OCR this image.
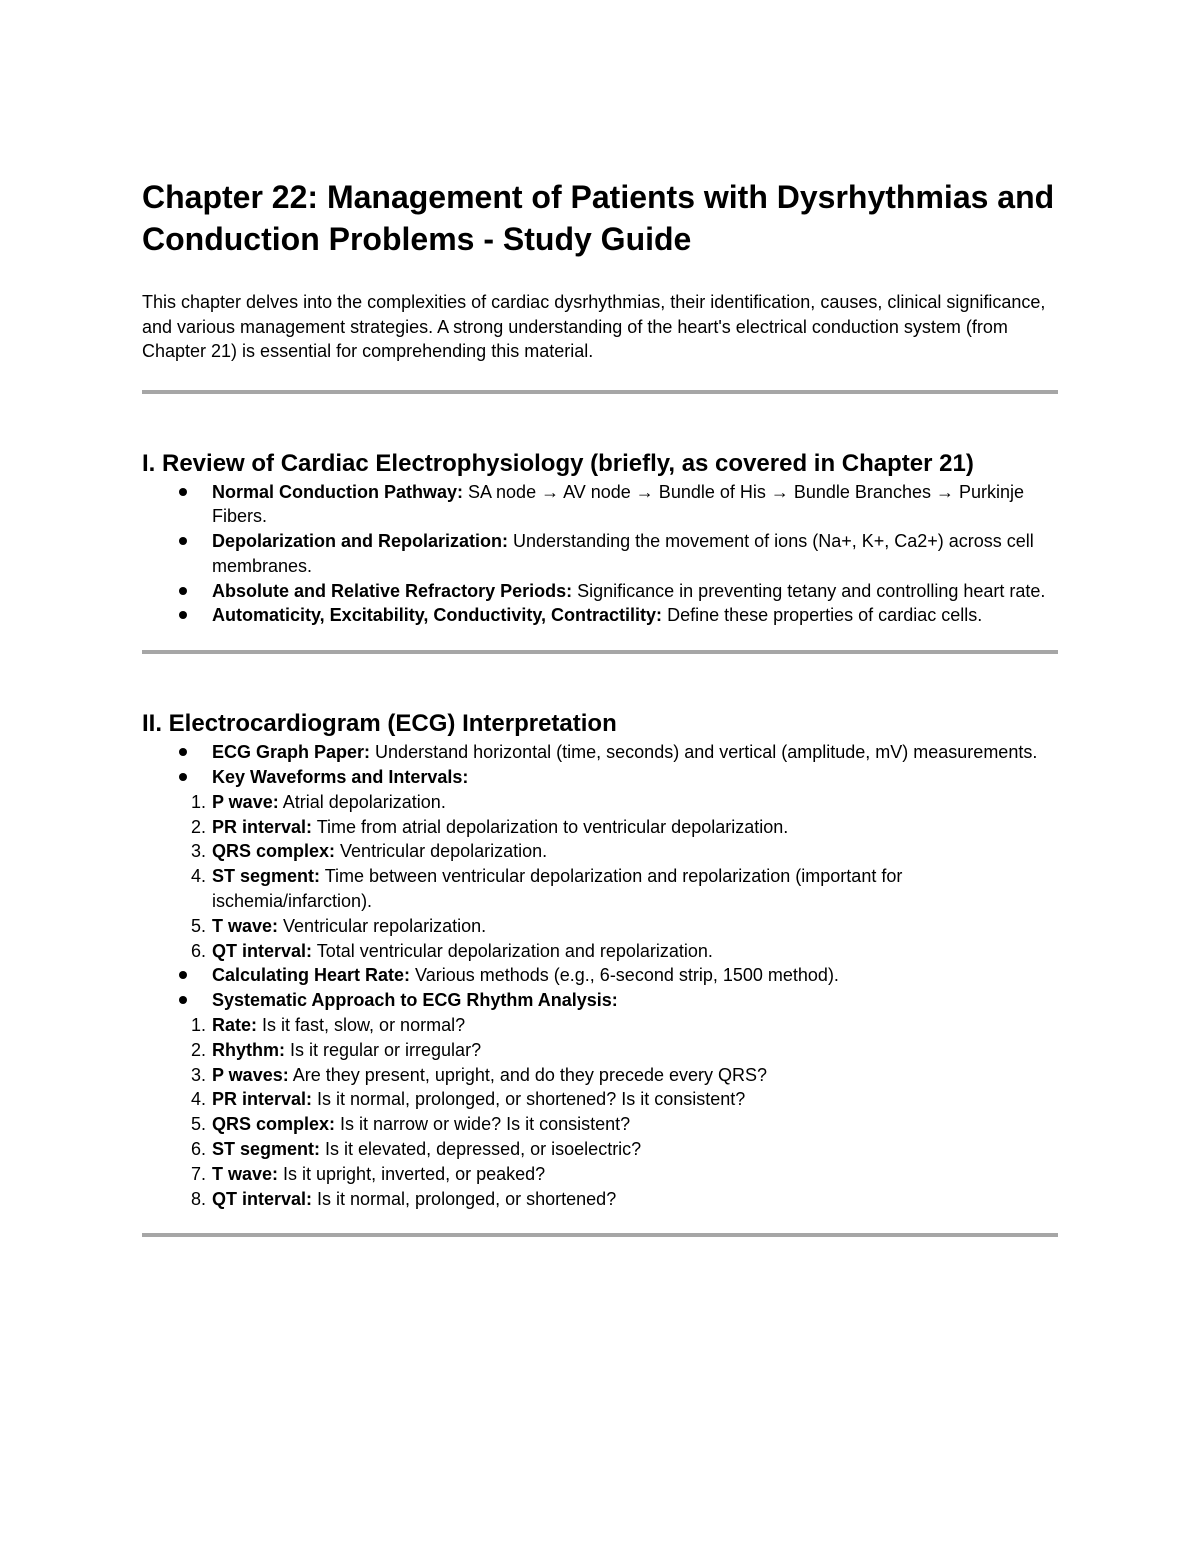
Chapter 22: Management of Patients with Dysrhythmias and Conduction Problems - Study Guide

This chapter delves into the complexities of cardiac dysrhythmias, their identification, causes, clinical significance, and various management strategies. A strong understanding of the heart's electrical conduction system (from Chapter 21) is essential for comprehending this material.

I. Review of Cardiac Electrophysiology (briefly, as covered in Chapter 21)
Normal Conduction Pathway: SA node → AV node → Bundle of His → Bundle Branches → Purkinje Fibers.
Depolarization and Repolarization: Understanding the movement of ions (Na+, K+, Ca2+) across cell membranes.
Absolute and Relative Refractory Periods: Significance in preventing tetany and controlling heart rate.
Automaticity, Excitability, Conductivity, Contractility: Define these properties of cardiac cells.
II. Electrocardiogram (ECG) Interpretation
ECG Graph Paper: Understand horizontal (time, seconds) and vertical (amplitude, mV) measurements.
Key Waveforms and Intervals:
1. P wave: Atrial depolarization.
2. PR interval: Time from atrial depolarization to ventricular depolarization.
3. QRS complex: Ventricular depolarization.
4. ST segment: Time between ventricular depolarization and repolarization (important for ischemia/infarction).
5. T wave: Ventricular repolarization.
6. QT interval: Total ventricular depolarization and repolarization.
Calculating Heart Rate: Various methods (e.g., 6-second strip, 1500 method).
Systematic Approach to ECG Rhythm Analysis:
1. Rate: Is it fast, slow, or normal?
2. Rhythm: Is it regular or irregular?
3. P waves: Are they present, upright, and do they precede every QRS?
4. PR interval: Is it normal, prolonged, or shortened? Is it consistent?
5. QRS complex: Is it narrow or wide? Is it consistent?
6. ST segment: Is it elevated, depressed, or isoelectric?
7. T wave: Is it upright, inverted, or peaked?
8. QT interval: Is it normal, prolonged, or shortened?
